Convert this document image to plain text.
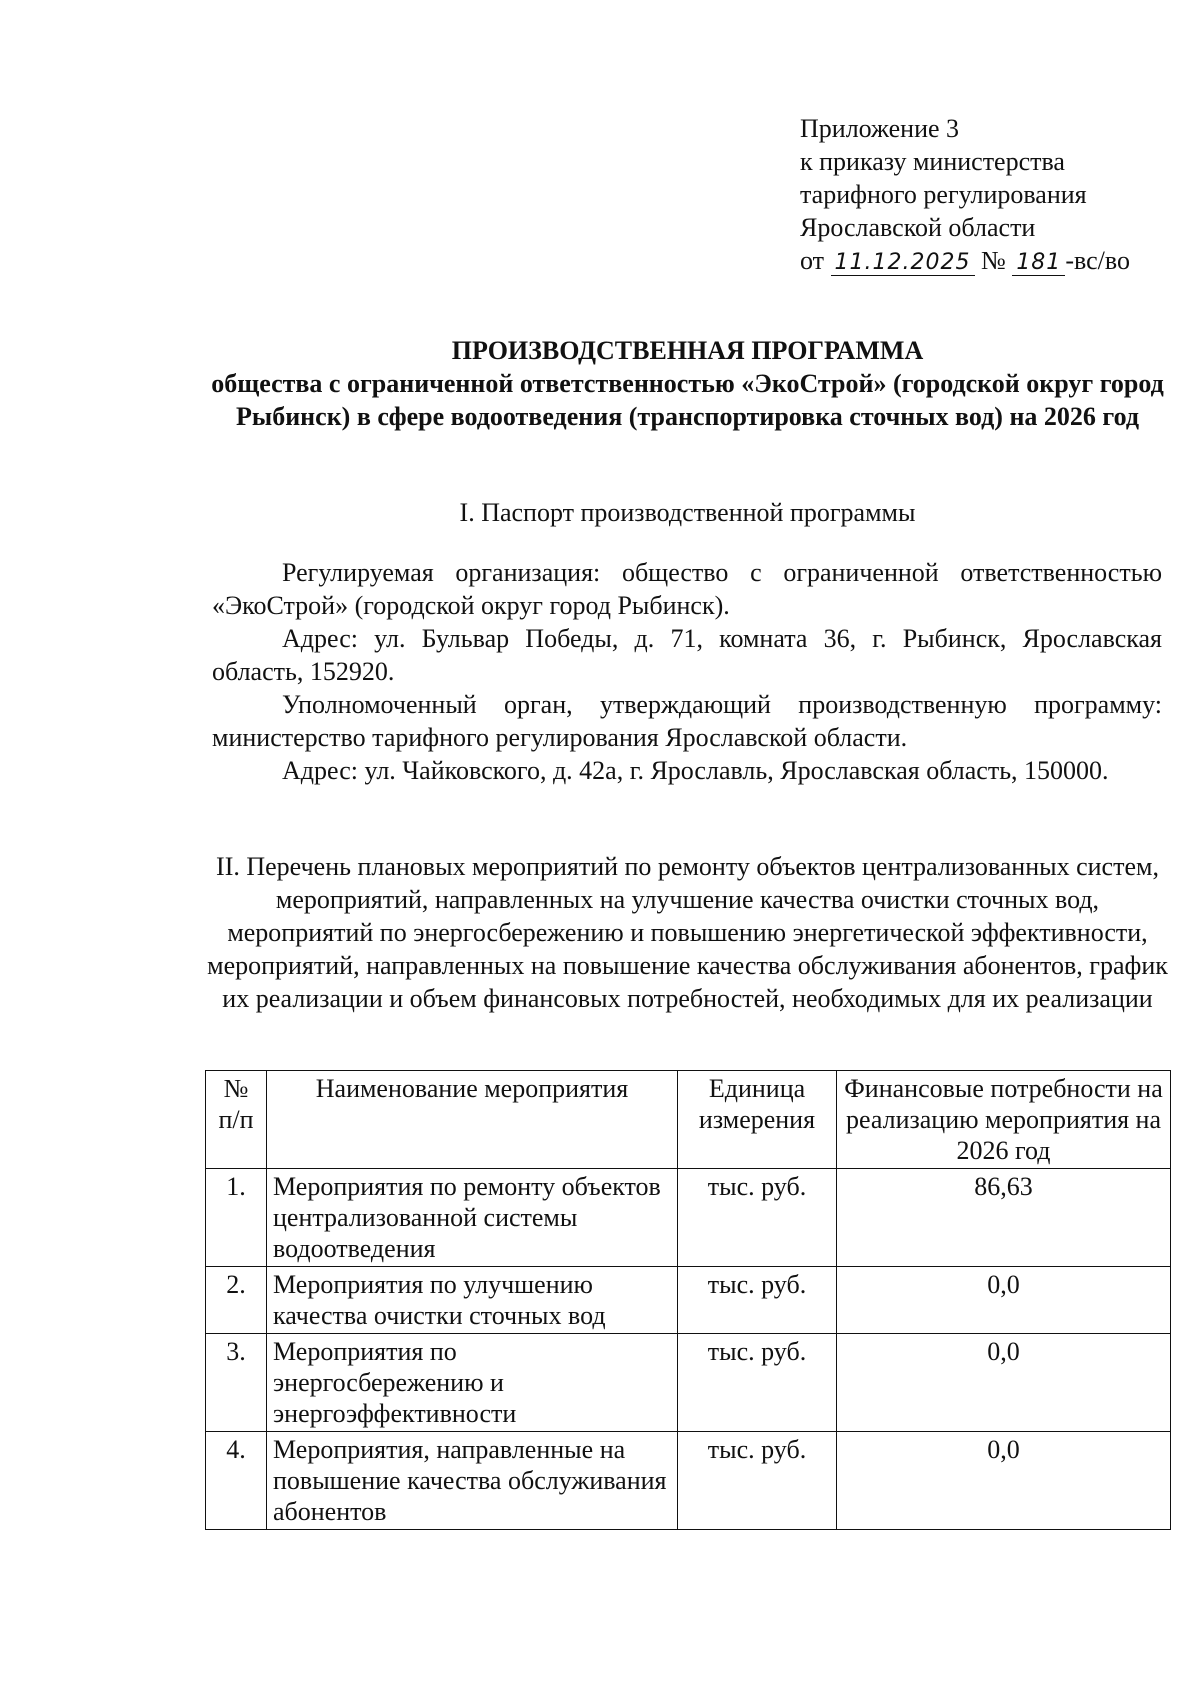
Приложение 3
к приказу министерства
тарифного регулирования
Ярославской области
от 11.12.2025 № 181 -вс/во
ПРОИЗВОДСТВЕННАЯ ПРОГРАММА
общества с ограниченной ответственностью «ЭкоСтрой» (городской округ город Рыбинск) в сфере водоотведения (транспортировка сточных вод) на 2026 год
I. Паспорт производственной программы

Регулируемая организация: общество с ограниченной ответственностью «ЭкоСтрой» (городской округ город Рыбинск).

Адрес: ул. Бульвар Победы, д. 71, комната 36, г. Рыбинск, Ярославская область, 152920.

Уполномоченный орган, утверждающий производственную программу: министерство тарифного регулирования Ярославской области.

Адрес: ул. Чайковского, д. 42а, г. Ярославль, Ярославская область, 150000.

II. Перечень плановых мероприятий по ремонту объектов централизованных систем, мероприятий, направленных на улучшение качества очистки сточных вод, мероприятий по энергосбережению и повышению энергетической эффективности, мероприятий, направленных на повышение качества обслуживания абонентов, график их реализации и объем финансовых потребностей, необходимых для их реализации
№ п/п	Наименование мероприятия	Единица измерения	Финансовые потребности на реализацию мероприятия на 2026 год
1.	Мероприятия по ремонту объектов централизованной системы водоотведения	тыс. руб.	86,63
2.	Мероприятия по улучшению качества очистки сточных вод	тыс. руб.	0,0
3.	Мероприятия по энергосбережению и энергоэффективности	тыс. руб.	0,0
4.	Мероприятия, направленные на повышение качества обслуживания абонентов	тыс. руб.	0,0
